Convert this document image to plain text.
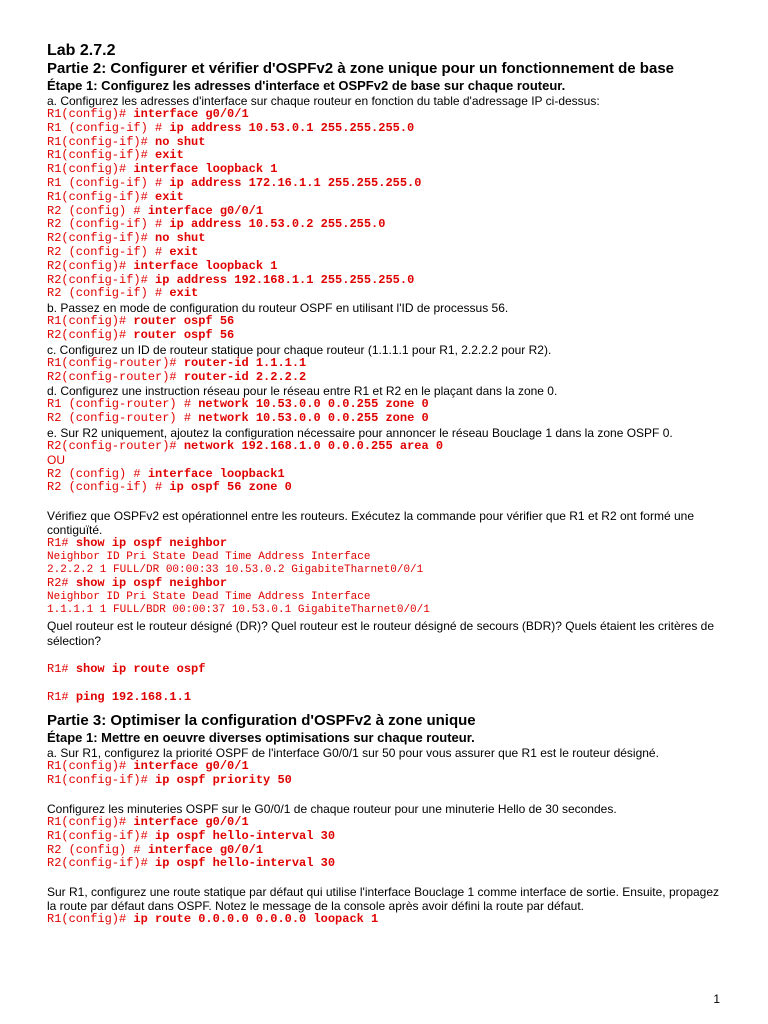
Lab 2.7.2
Partie 2: Configurer et vérifier d'OSPFv2 à zone unique pour un fonctionnement de base
Étape 1: Configurez les adresses d'interface et OSPFv2 de base sur chaque routeur.
a. Configurez les adresses d'interface sur chaque routeur en fonction du table d'adressage IP ci-dessus:
R1(config)# interface g0/0/1
R1 (config-if) # ip address 10.53.0.1 255.255.255.0
R1(config-if)# no shut
R1(config-if)# exit
R1(config)# interface loopback 1
R1 (config-if) # ip address 172.16.1.1 255.255.255.0
R1(config-if)# exit
R2 (config) # interface g0/0/1
R2 (config-if) # ip address 10.53.0.2 255.255.0
R2(config-if)# no shut
R2 (config-if) # exit
R2(config)# interface loopback 1
R2(config-if)# ip address 192.168.1.1 255.255.255.0
R2 (config-if) # exit
b. Passez en mode de configuration du routeur OSPF en utilisant l'ID de processus 56.
R1(config)# router ospf 56
R2(config)# router ospf 56
c. Configurez un ID de routeur statique pour chaque routeur (1.1.1.1 pour R1, 2.2.2.2 pour R2).
R1(config-router)# router-id 1.1.1.1
R2(config-router)# router-id 2.2.2.2
d. Configurez une instruction réseau pour le réseau entre R1 et R2 en le plaçant dans la zone 0.
R1 (config-router) # network 10.53.0.0 0.0.255 zone 0
R2 (config-router) # network 10.53.0.0 0.0.255 zone 0
e. Sur R2 uniquement, ajoutez la configuration nécessaire pour annoncer le réseau Bouclage 1 dans la zone OSPF 0.
R2(config-router)# network 192.168.1.0 0.0.0.255 area 0
OU
R2 (config) # interface loopback1
R2 (config-if) # ip ospf 56 zone 0
Vérifiez que OSPFv2 est opérationnel entre les routeurs. Exécutez la commande pour vérifier que R1 et R2 ont formé une contiguïté.
R1# show ip ospf neighbor
Neighbor ID Pri State Dead Time Address Interface
2.2.2.2 1 FULL/DR 00:00:33 10.53.0.2 GigabiteTharnet0/0/1
R2# show ip ospf neighbor
Neighbor ID Pri State Dead Time Address Interface
1.1.1.1 1 FULL/BDR 00:00:37 10.53.0.1 GigabiteTharnet0/0/1
Quel routeur est le routeur désigné (DR)? Quel routeur est le routeur désigné de secours (BDR)? Quels étaient les critères de sélection?
R1# show ip route ospf
R1# ping 192.168.1.1
Partie 3: Optimiser la configuration d'OSPFv2 à zone unique
Étape 1: Mettre en oeuvre diverses optimisations sur chaque routeur.
a. Sur R1, configurez la priorité OSPF de l'interface G0/0/1 sur 50 pour vous assurer que R1 est le routeur désigné.
R1(config)# interface g0/0/1
R1(config-if)# ip ospf priority 50
Configurez les minuteries OSPF sur le G0/0/1 de chaque routeur pour une minuterie Hello de 30 secondes.
R1(config)# interface g0/0/1
R1(config-if)# ip ospf hello-interval 30
R2 (config) # interface g0/0/1
R2(config-if)# ip ospf hello-interval 30
Sur R1, configurez une route statique par défaut qui utilise l'interface Bouclage 1 comme interface de sortie. Ensuite, propagez la route par défaut dans OSPF. Notez le message de la console après avoir défini la route par défaut.
R1(config)# ip route 0.0.0.0 0.0.0.0 loopack 1
1
